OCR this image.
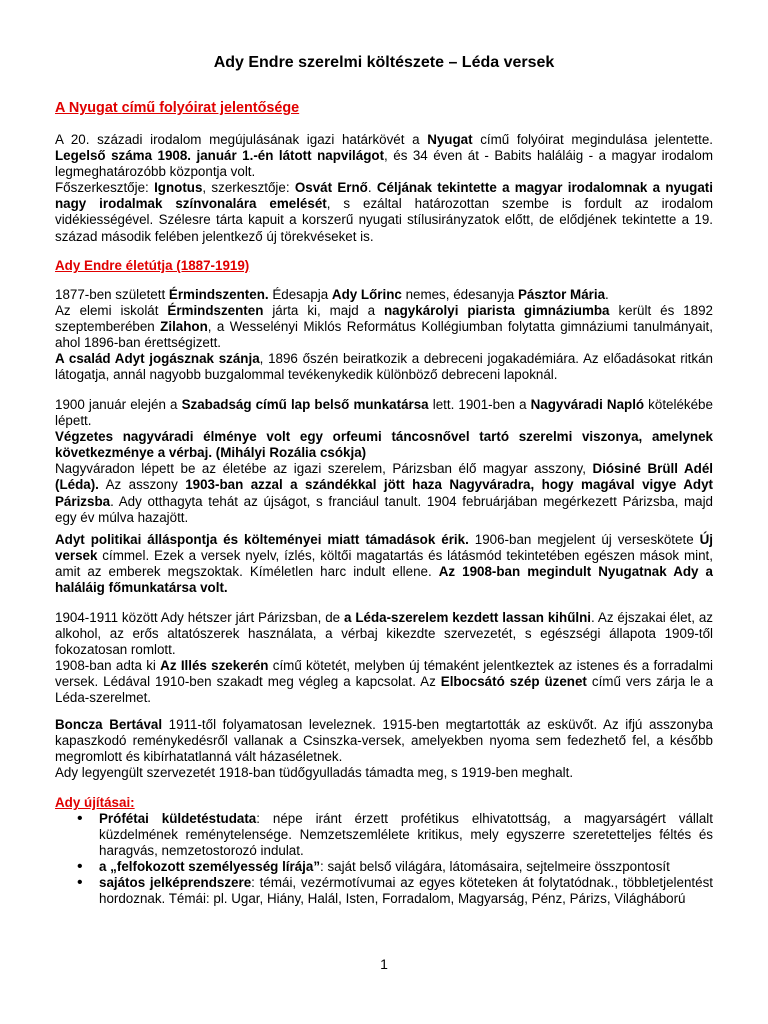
Ady Endre szerelmi költészete – Léda versek
A Nyugat című folyóirat jelentősége

A 20. századi irodalom megújulásának igazi határkövét a Nyugat című folyóirat megindulása jelentette. Legelső száma 1908. január 1.-én látott napvilágot, és 34 éven át - Babits haláláig - a magyar irodalom legmeghatározóbb központja volt.
Főszerkesztője: Ignotus, szerkesztője: Osvát Ernő. Céljának tekintette a magyar irodalomnak a nyugati nagy irodalmak színvonalára emelését, s ezáltal határozottan szembe is fordult az irodalom vidékiességével. Szélesre tárta kapuit a korszerű nyugati stílusirányzatok előtt, de elődjének tekintette a 19. század második felében jelentkező új törekvéseket is.

Ady Endre életútja (1887-1919)

1877-ben született Érmindszenten. Édesapja Ady Lőrinc nemes, édesanyja Pásztor Mária.
Az elemi iskolát Érmindszenten járta ki, majd a nagykárolyi piarista gimnáziumba került és 1892 szeptemberében Zilahon, a Wesselényi Miklós Református Kollégiumban folytatta gimnáziumi tanulmányait, ahol 1896-ban érettségizett.
A család Adyt jogásznak szánja, 1896 őszén beiratkozik a debreceni jogakadémiára. Az előadásokat ritkán látogatja, annál nagyobb buzgalommal tevékenykedik különböző debreceni lapoknál.

1900 január elején a Szabadság című lap belső munkatársa lett. 1901-ben a Nagyváradi Napló kötelékébe lépett.
Végzetes nagyváradi élménye volt egy orfeumi táncosnővel tartó szerelmi viszonya, amelynek következménye a vérbaj. (Mihályi Rozália csókja)
Nagyváradon lépett be az életébe az igazi szerelem, Párizsban élő magyar asszony, Diósiné Brüll Adél (Léda). Az asszony 1903-ban azzal a szándékkal jött haza Nagyváradra, hogy magával vigye Adyt Párizsba. Ady otthagyta tehát az újságot, s franciául tanult. 1904 februárjában megérkezett Párizsba, majd egy év múlva hazajött.

Adyt politikai álláspontja és költeményei miatt támadások érik. 1906-ban megjelent új verseskötete Új versek címmel. Ezek a versek nyelv, ízlés, költői magatartás és látásmód tekintetében egészen mások mint, amit az emberek megszoktak. Kíméletlen harc indult ellene. Az 1908-ban megindult Nyugatnak Ady a haláláig főmunkatársa volt.

1904-1911 között Ady hétszer járt Párizsban, de a Léda-szerelem kezdett lassan kihűlni. Az éjszakai élet, az alkohol, az erős altatószerek használata, a vérbaj kikezdte szervezetét, s egészségi állapota 1909-től fokozatosan romlott.
1908-ban adta ki Az Illés szekerén című kötetét, melyben új témaként jelentkeztek az istenes és a forradalmi versek. Lédával 1910-ben szakadt meg végleg a kapcsolat. Az Elbocsátó szép üzenet című vers zárja le a Léda-szerelmet.

Boncza Bertával 1911-től folyamatosan leveleznek. 1915-ben megtartották az esküvőt. Az ifjú asszonyba kapaszkodó reménykedésről vallanak a Csinszka-versek, amelyekben nyoma sem fedezhető fel, a később megromlott és kibírhatatlanná vált házaséletnek.
Ady legyengült szervezetét 1918-ban tüdőgyulladás támadta meg, s 1919-ben meghalt.

Ady újításai:
• Prófétai küldetéstudata: népe iránt érzett profétikus elhivatottság, a magyarságért vállalt küzdelmének reménytelensége. Nemzetszemlélete kritikus, mely egyszerre szeretetteljes féltés és haragvás, nemzetostorozó indulat.
• a „felfokozott személyesség lírája”: saját belső világára, látomásaira, sejtelmeire összpontosít
• sajátos jelképrendszere: témái, vezérmotívumai az egyes köteteken át folytatódnak., többletjelentést hordoznak. Témái: pl. Ugar, Hiány, Halál, Isten, Forradalom, Magyarság, Pénz, Párizs, Világháború
1
